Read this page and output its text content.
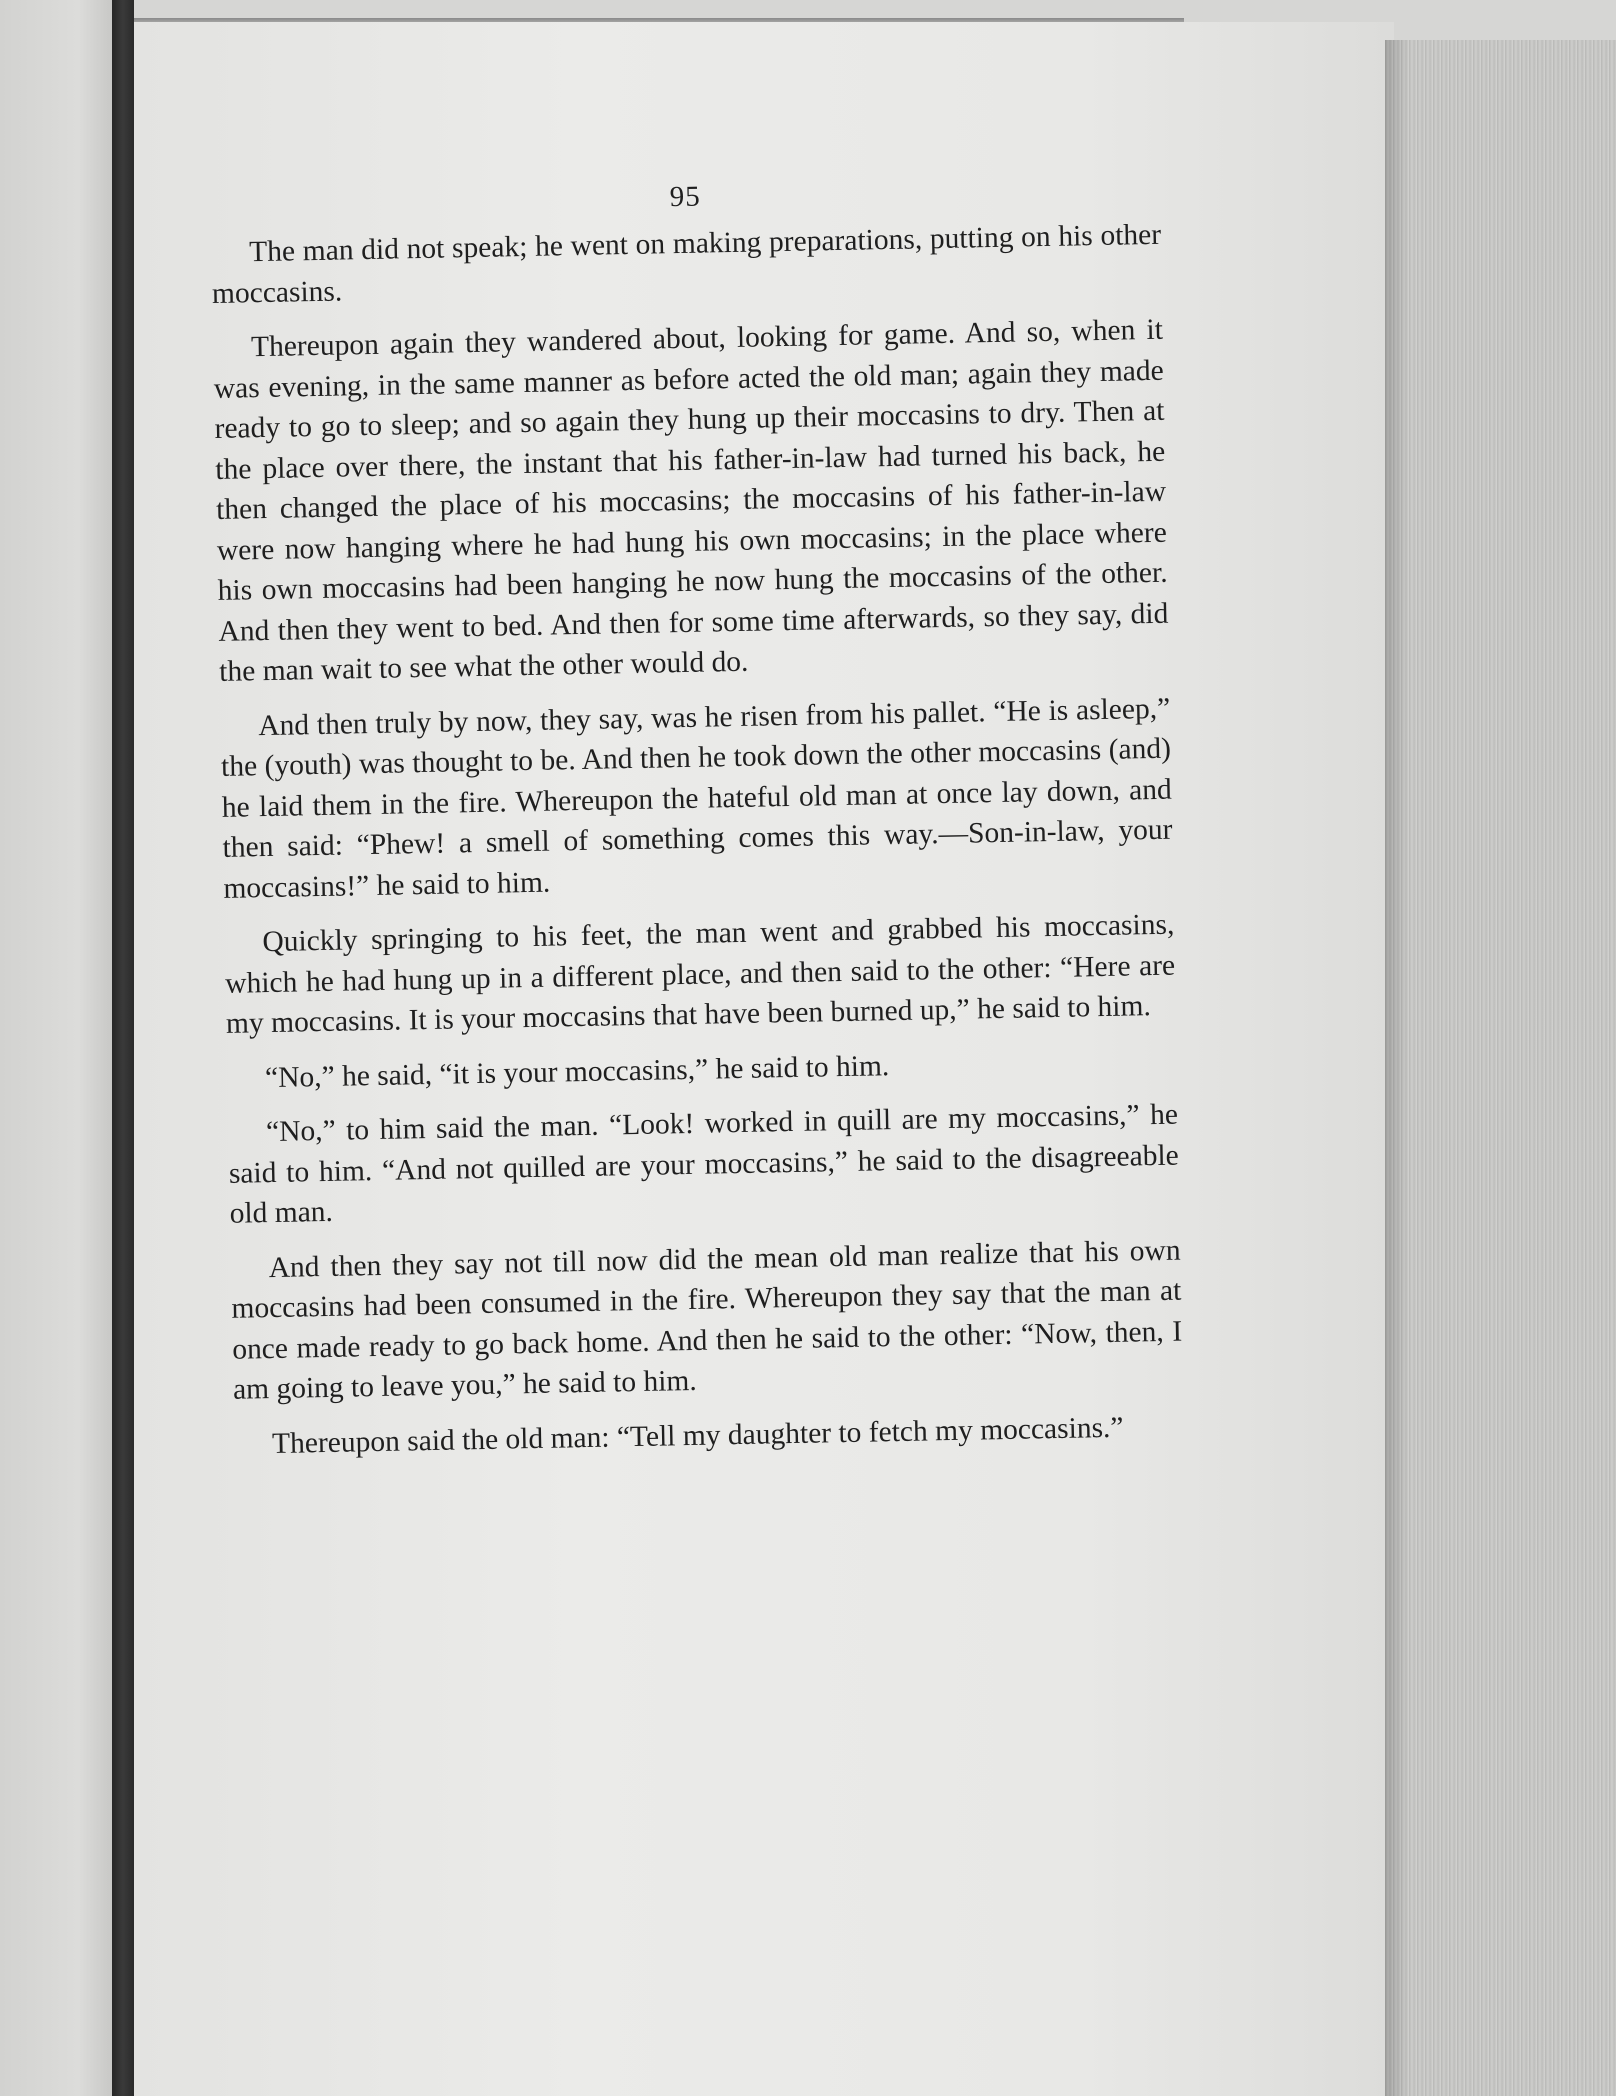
95

The man did not speak; he went on making preparations, putting on his other moccasins.

Thereupon again they wandered about, looking for game. And so, when it was evening, in the same manner as before acted the old man; again they made ready to go to sleep; and so again they hung up their moccasins to dry. Then at the place over there, the instant that his father-in-law had turned his back, he then changed the place of his moccasins; the moccasins of his father-in-law were now hanging where he had hung his own moccasins; in the place where his own moccasins had been hanging he now hung the moccasins of the other. And then they went to bed. And then for some time afterwards, so they say, did the man wait to see what the other would do.

And then truly by now, they say, was he risen from his pallet. “He is asleep,” the (youth) was thought to be. And then he took down the other moccasins (and) he laid them in the fire. Whereupon the hateful old man at once lay down, and then said: “Phew! a smell of something comes this way.—Son-in-law, your moccasins!” he said to him.

Quickly springing to his feet, the man went and grabbed his moccasins, which he had hung up in a different place, and then said to the other: “Here are my moccasins. It is your moccasins that have been burned up,” he said to him.

“No,” he said, “it is your moccasins,” he said to him.

“No,” to him said the man. “Look! worked in quill are my moccasins,” he said to him. “And not quilled are your moccasins,” he said to the disagreeable old man.

And then they say not till now did the mean old man realize that his own moccasins had been consumed in the fire. Whereupon they say that the man at once made ready to go back home. And then he said to the other: “Now, then, I am going to leave you,” he said to him.

Thereupon said the old man: “Tell my daughter to fetch my moccasins.”
